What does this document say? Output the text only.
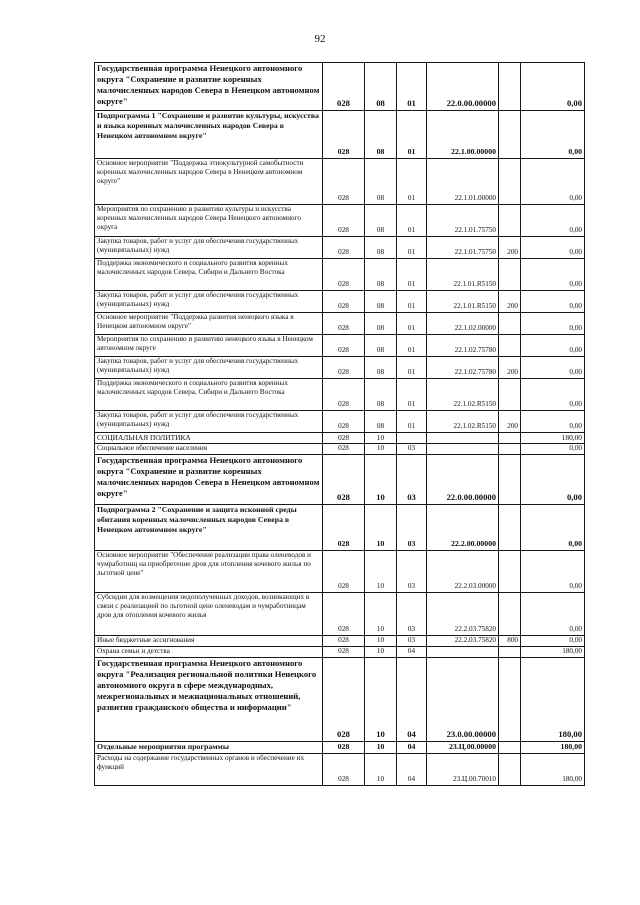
92
Государственная программа Ненецкого автономного округа "Сохранение и развитие коренных малочисленных народов Севера в Ненецком автономном округе"	028	08	01	22.0.00.00000		0,00
Подпрограмма 1 "Сохранение и развитие культуры, искусства и языка коренных малочисленных народов Севера в Ненецком автономном округе"	028	08	01	22.1.00.00000		0,00
Основное мероприятие "Поддержка этнокультурной самобытности коренных малочисленных народов Севера в Ненецком автономном округе"	028	08	01	22.1.01.00000		0,00
Мероприятия по сохранению и развитию культуры и искусства коренных малочисленных народов Севера Ненецкого автономного округа	028	08	01	22.1.01.75750		0,00
Закупка товаров, работ и услуг для обеспечения государственных (муниципальных) нужд	028	08	01	22.1.01.75750	200	0,00
Поддержка экономического и социального развития коренных малочисленных народов Севера, Сибири и Дальнего Востока	028	08	01	22.1.01.R5150		0,00
Закупка товаров, работ и услуг для обеспечения государственных (муниципальных) нужд	028	08	01	22.1.01.R5150	200	0,00
Основное мероприятие "Поддержка развития ненецкого языка в Ненецком автономном округе"	028	08	01	22.1.02.00000		0,00
Мероприятия по сохранению и развитию ненецкого языка в Ненецком автономном округе	028	08	01	22.1.02.75780		0,00
Закупка товаров, работ и услуг для обеспечения государственных (муниципальных) нужд	028	08	01	22.1.02.75780	200	0,00
Поддержка экономического и социального развития коренных малочисленных народов Севера, Сибири и Дальнего Востока	028	08	01	22.1.02.R5150		0,00
Закупка товаров, работ и услуг для обеспечения государственных (муниципальных) нужд	028	08	01	22.1.02.R5150	200	0,00
СОЦИАЛЬНАЯ ПОЛИТИКА	028	10				180,00
Социальное обеспечение населения	028	10	03			0,00
Государственная программа Ненецкого автономного округа "Сохранение и развитие коренных малочисленных народов Севера в Ненецком автономном округе"	028	10	03	22.0.00.00000		0,00
Подпрограмма 2 "Сохранение и защита исконной среды обитания коренных малочисленных народов Севера в Ненецком автономном округе"	028	10	03	22.2.00.00000		0,00
Основное мероприятие "Обеспечение реализации права оленеводов и чумработниц на приобретение дров для отопления кочевого жилья по льготной цене"	028	10	03	22.2.03.00000		0,00
Субсидии для возмещения недополученных доходов, возникающих в связи с реализацией по льготной цене оленеводам и чумработницам дров для отопления кочевого жилья	028	10	03	22.2.03.75820		0,00
Иные бюджетные ассигнования	028	10	03	22.2.03.75820	800	0,00
Охрана семьи и детства	028	10	04			180,00
Государственная программа Ненецкого автономного округа "Реализация региональной политики Ненецкого автономного округа в сфере международных, межрегиональных и межнациональных отношений, развития гражданского общества и информации"	028	10	04	23.0.00.00000		180,00
Отдельные мероприятия программы	028	10	04	23.Ц.00.00000		180,00
Расходы на содержание государственных органов и обеспечение их функций	028	10	04	23.Ц.00.70010		180,00
